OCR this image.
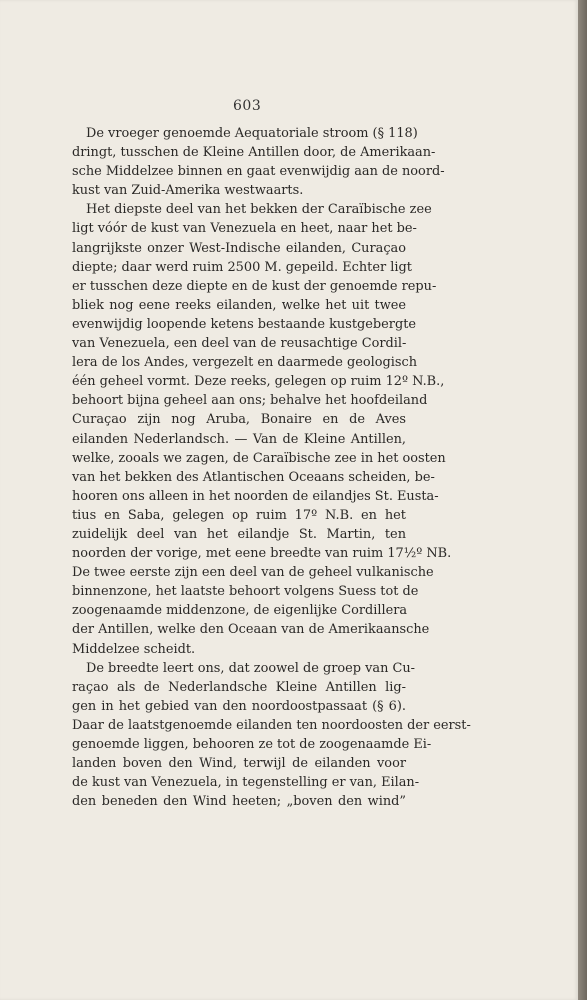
603
De vroeger genoemde Aequatoriale stroom (§ 118)
dringt, tusschen de Kleine Antillen door, de Amerikaan-
sche Middelzee binnen en gaat evenwijdig aan de noord-
kust van Zuid-Amerika westwaarts.
Het diepste deel van het bekken der Caraïbische zee
ligt vóór de kust van Venezuela en heet, naar het be-
langrijkste onzer West-Indische eilanden, Curaçao
diepte; daar werd ruim 2500 M. gepeild. Echter ligt
er tusschen deze diepte en de kust der genoemde repu-
bliek nog eene reeks eilanden, welke het uit twee
evenwijdig loopende ketens bestaande kustgebergte
van Venezuela, een deel van de reusachtige Cordil-
lera de los Andes, vergezelt en daarmede geologisch
één geheel vormt. Deze reeks, gelegen op ruim 12º N.B.,
behoort bijna geheel aan ons; behalve het hoofdeiland
Curaçao zijn nog Aruba, Bonaire en de Aves
eilanden Nederlandsch. — Van de Kleine Antillen,
welke, zooals we zagen, de Caraïbische zee in het oosten
van het bekken des Atlantischen Oceaans scheiden, be-
hooren ons alleen in het noorden de eilandjes St. Eusta-
tius en Saba, gelegen op ruim 17º N.B. en het
zuidelijk deel van het eilandje St. Martin, ten
noorden der vorige, met eene breedte van ruim 17½º NB.
De twee eerste zijn een deel van de geheel vulkanische
binnenzone, het laatste behoort volgens Suess tot de
zoogenaamde middenzone, de eigenlijke Cordillera
der Antillen, welke den Oceaan van de Amerikaansche
Middelzee scheidt.
De breedte leert ons, dat zoowel de groep van Cu-
raçao als de Nederlandsche Kleine Antillen lig-
gen in het gebied van den noordoostpassaat (§ 6).
Daar de laatstgenoemde eilanden ten noordoosten der eerst-
genoemde liggen, behooren ze tot de zoogenaamde Ei-
landen boven den Wind, terwijl de eilanden voor
de kust van Venezuela, in tegenstelling er van, Eilan-
den beneden den Wind heeten; „boven den wind”
